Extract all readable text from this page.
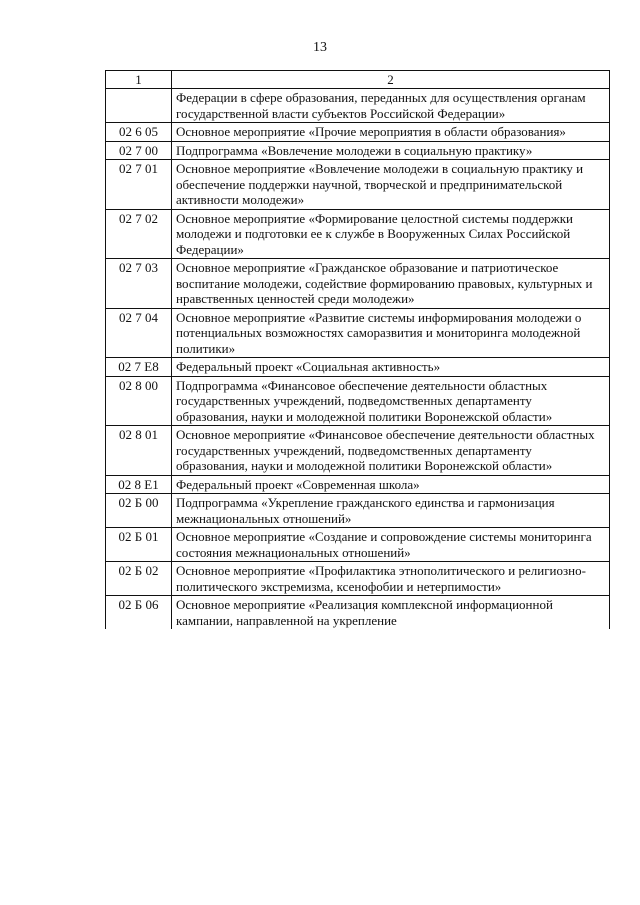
13
1	2
	Федерации в сфере образования, переданных для осуществления органам государственной власти субъектов Российской Федерации»
02 6 05	Основное мероприятие «Прочие мероприятия в области образования»
02 7 00	Подпрограмма «Вовлечение молодежи в социальную практику»
02 7 01	Основное мероприятие «Вовлечение молодежи в социальную практику и обеспечение поддержки научной, творческой и предпринимательской активности молодежи»
02 7 02	Основное мероприятие «Формирование целостной системы поддержки молодежи и подготовки ее к службе в Вооруженных Силах Российской Федерации»
02 7 03	Основное мероприятие «Гражданское образование и патриотическое воспитание молодежи, содействие формированию правовых, культурных и нравственных ценностей среди молодежи»
02 7 04	Основное мероприятие «Развитие системы информирования молодежи о потенциальных возможностях саморазвития и мониторинга молодежной политики»
02 7 Е8	Федеральный проект «Социальная активность»
02 8 00	Подпрограмма «Финансовое обеспечение деятельности областных государственных учреждений, подведомственных департаменту образования, науки и молодежной политики Воронежской области»
02 8 01	Основное мероприятие «Финансовое обеспечение деятельности областных государственных учреждений, подведомственных департаменту образования, науки и молодежной политики Воронежской области»
02 8 Е1	Федеральный проект «Современная школа»
02 Б 00	Подпрограмма «Укрепление гражданского единства и гармонизация межнациональных отношений»
02 Б 01	Основное мероприятие «Создание и сопровождение системы мониторинга состояния межнациональных отношений»
02 Б 02	Основное мероприятие «Профилактика этнополитического и религиозно-политического экстремизма, ксенофобии и нетерпимости»
02 Б 06	Основное мероприятие «Реализация комплексной информационной кампании, направленной на укрепление
